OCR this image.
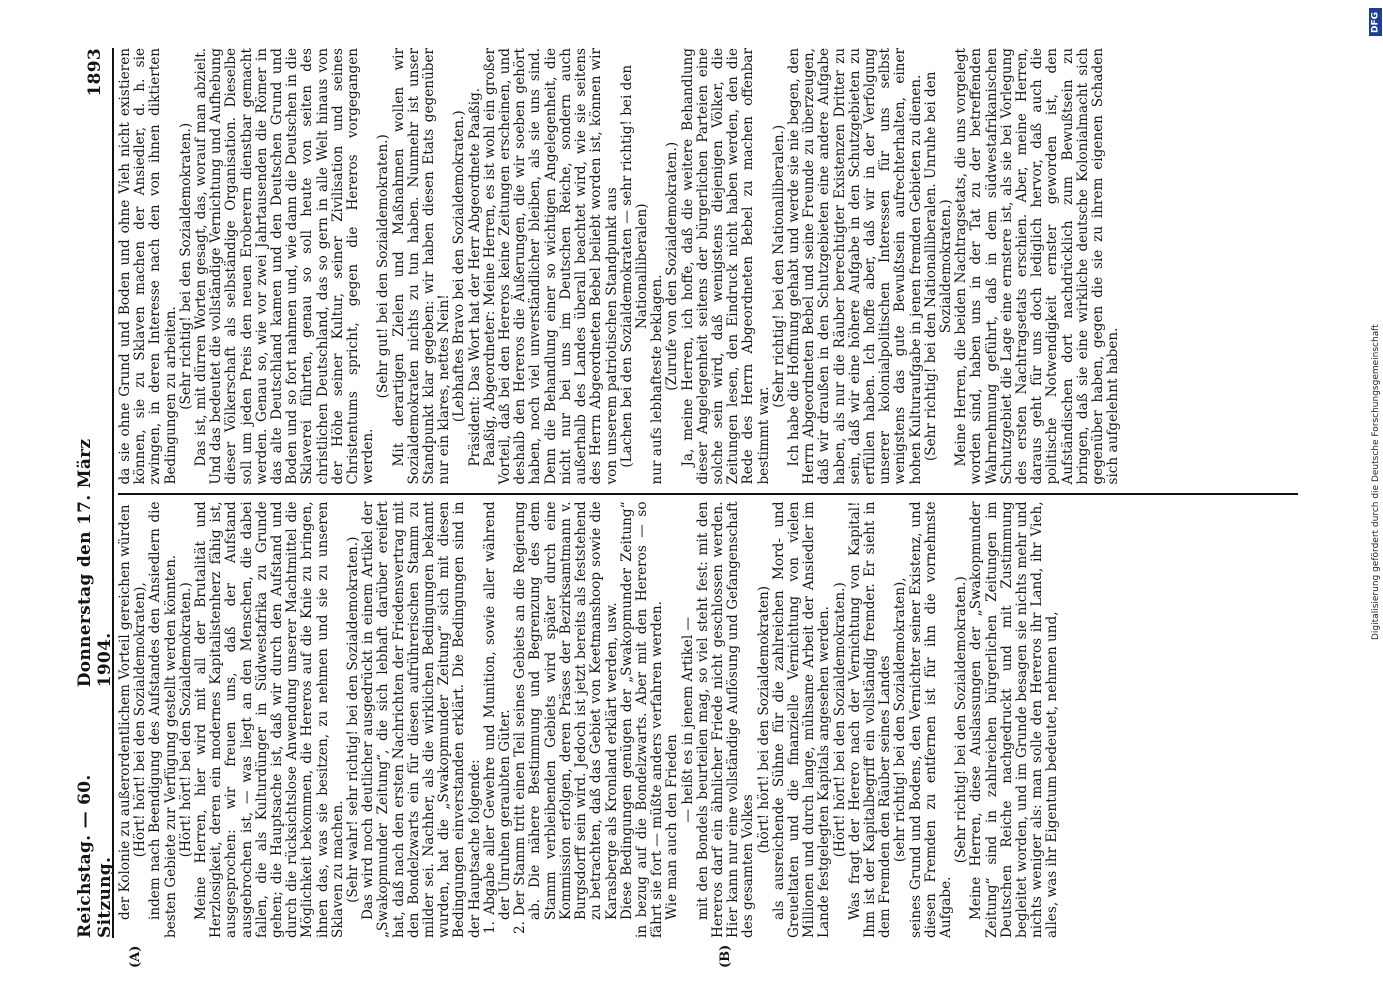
Reichstag. — 60. Sitzung.
Donnerstag den 17. März 1904.
1893

der Kolonie zu außerordentlichem Vorteil gereichen würden (Hört! hört! bei den Sozialdemokraten), indem nach Beendigung des Aufstandes den Ansiedlern die besten Gebiete zur Verfügung gestellt werden könnten. (Hört! hört! bei den Sozialdemokraten.) Meine Herren, hier wird mit all der Brutalität und Herzlosigkeit, deren ein modernes Kapitalistenherz fähig ist, ausgesprochen: wir freuen uns, daß der Aufstand ausgebrochen ist, — was liegt an den Menschen, die dabei fallen, die als Kulturdünger in Südwestafrika zu Grunde gehen; die Hauptsache ist, daß wir durch den Aufstand und durch die rücksichtslose Anwendung unserer Machtmittel die Möglichkeit bekommen, die Hereros auf die Knie zu bringen, ihnen das, was sie besitzen, zu nehmen und sie zu unseren Sklaven zu machen. (Sehr wahr! sehr richtig! bei den Sozialdemokraten.) Das wird noch deutlicher ausgedrückt in einem Artikel der „Swakopmunder Zeitung“, die sich lebhaft darüber ereifert hat, daß nach den ersten Nachrichten der Friedensvertrag mit den Bondelzwarts ein für diesen aufrührerischen Stamm zu milder sei. Nachher, als die wirklichen Bedingungen bekannt wurden, hat die „Swakopmunder Zeitung“ sich mit diesen Bedingungen einverstanden erklärt. Die Bedingungen sind in der Hauptsache folgende: 1. Abgabe aller Gewehre und Munition, sowie aller während der Unruhen geraubten Güter. 2. Der Stamm tritt einen Teil seines Gebiets an die Regierung ab. Die nähere Bestimmung und Begrenzung des dem Stamm verbleibenden Gebiets wird später durch eine Kommission erfolgen, deren Präses der Bezirksamtmann v. Burgsdorff sein wird. Jedoch ist jetzt bereits als feststehend zu betrachten, daß das Gebiet von Keetmanshoop sowie die Karasberge als Kronland erklärt werden, usw. Diese Bedingungen genügen der „Swakopmunder Zeitung“ in bezug auf die Bondelzwarts. Aber mit den Hereros — so fährt sie fort — müßte anders verfahren werden. Wie man auch den Frieden

— heißt es in jenem Artikel — mit den Bondels beurteilen mag, so viel steht fest: mit den Hereros darf ein ähnlicher Friede nicht geschlossen werden. Hier kann nur eine vollständige Auflösung und Gefangenschaft des gesamten Volkes

(hört! hört! bei den Sozialdemokraten) als ausreichende Sühne für die zahlreichen Mord- und Greueltaten und die finanzielle Vernichtung von vielen Millionen und durch lange, mühsame Arbeit der Ansiedler im Lande festgelegten Kapitals angesehen werden. (Hört! hört! bei den Sozialdemokraten.) Was fragt der Herero nach der Vernichtung von Kapital! Ihm ist der Kapitalbegriff ein vollständig fremder. Er sieht in dem Fremden den Räuber seines Landes (sehr richtig! bei den Sozialdemokraten), seines Grund und Bodens, den Vernichter seiner Existenz, und diesen Fremden zu entfernen ist für ihn die vornehmste Aufgabe.

(Sehr richtig! bei den Sozialdemokraten.) Meine Herren, diese Auslassungen der „Swakopmunder Zeitung“ sind in zahlreichen bürgerlichen Zeitungen im Deutschen Reiche nachgedruckt und mit Zustimmung begleitet worden, und im Grunde besagen sie nichts mehr und nichts weniger als: man solle den Hereros ihr Land, ihr Vieh, alles, was ihr Eigentum bedeutet, nehmen und,

da sie ohne Grund und Boden und ohne Vieh nicht existieren können, sie zu Sklaven machen der Ansiedler, d. h. sie zwingen, in deren Interesse nach den von ihnen diktierten Bedingungen zu arbeiten. (Sehr richtig! bei den Sozialdemokraten.) Das ist, mit dürren Worten gesagt, das, worauf man abzielt. Und das bedeutet die vollständige Vernichtung und Aufhebung dieser Völkerschaft als selbständige Organisation. Dieselbe soll um jeden Preis den neuen Eroberern dienstbar gemacht werden. Genau so, wie vor zwei Jahrtausenden die Römer in das alte Deutschland kamen und den Deutschen Grund und Boden und so fort nahmen und, wie dann die Deutschen in die Sklaverei führten, genau so soll heute von seiten des christlichen Deutschland, das so gern in alle Welt hinaus von der Höhe seiner Kultur, seiner Zivilisation und seines Christentums spricht, gegen die Hereros vorgegangen werden.

(Sehr gut! bei den Sozialdemokraten.) Mit derartigen Zielen und Maßnahmen wollen wir Sozialdemokraten nichts zu tun haben. Nunmehr ist unser Standpunkt klar gegeben: wir haben diesen Etats gegenüber nur ein klares, nettes Nein! (Lebhaftes Bravo bei den Sozialdemokraten.) Präsident: Das Wort hat der Herr Abgeordnete Paaßig. Paaßig, Abgeordneter: Meine Herren, es ist wohl ein großer Vorteil, daß bei den Hereros keine Zeitungen erscheinen, und deshalb den Hereros die Äußerungen, die wir soeben gehört haben, noch viel unverständlicher bleiben, als sie uns sind. Denn die Behandlung einer so wichtigen Angelegenheit, die nicht nur bei uns im Deutschen Reiche, sondern auch außerhalb des Landes überall beachtet wird, wie sie seitens des Herrn Abgeordneten Bebel beliebt worden ist, können wir von unserem patriotischen Standpunkt aus (Lachen bei den Sozialdemokraten — sehr richtig! bei den Nationalliberalen)

nur aufs lebhafteste beklagen. (Zurufe von den Sozialdemokraten.) Ja, meine Herren, ich hoffe, daß die weitere Behandlung dieser Angelegenheit seitens der bürgerlichen Parteien eine solche sein wird, daß wenigstens diejenigen Völker, die Zeitungen lesen, den Eindruck nicht haben werden, den die Rede des Herrn Abgeordneten Bebel zu machen offenbar bestimmt war.

(Sehr richtig! bei den Nationalliberalen.) Ich habe die Hoffnung gehabt und werde sie nie begen, den Herrn Abgeordneten Bebel und seine Freunde zu überzeugen, daß wir draußen in den Schutzgebieten eine andere Aufgabe haben, als nur die Räuber berechtigter Existenzen Dritter zu sein, daß wir eine höhere Aufgabe in den Schutzgebieten zu erfüllen haben. Ich hoffe aber, daß wir in der Verfolgung unserer kolonialpolitischen Interessen für uns selbst wenigstens das gute Bewußtsein aufrechterhalten, einer hohen Kulturaufgabe in jenen fremden Gebieten zu dienen. (Sehr richtig! bei den Nationalliberalen. Unruhe bei den Sozialdemokraten.) Meine Herren, die beiden Nachtragsetats, die uns vorgelegt worden sind, haben uns in der Tat zu der betreffenden Wahrnehmung geführt, daß in dem südwestafrikanischen Schutzgebiet die Lage eine ernstere ist, als sie bei Vorlegung des ersten Nachtragsetats erschien. Aber, meine Herren, daraus geht für uns doch lediglich hervor, daß auch die politische Notwendigkeit ernster geworden ist, den Aufständischen dort nachdrücklich zum Bewußtsein zu bringen, daß sie eine wirkliche deutsche Kolonialmacht sich gegenüber haben, gegen die sie zu ihrem eigenen Schaden sich aufgelehnt haben.

(A)	(B)
DFG
Digitalisierung gefördert durch die Deutsche Forschungsgemeinschaft
